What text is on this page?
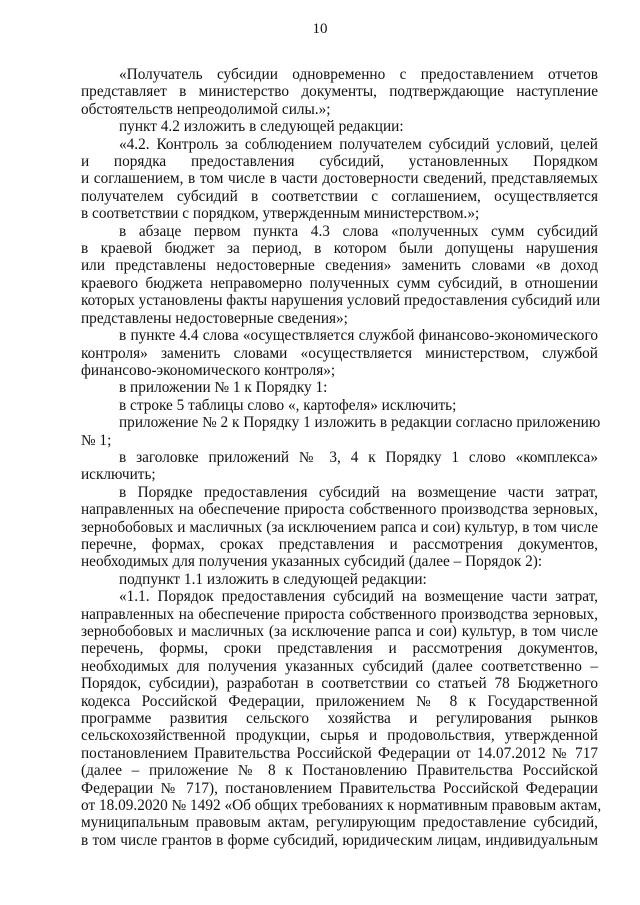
10
«Получатель субсидии одновременно с предоставлением отчетов
представляет в министерство документы, подтверждающие наступление
обстоятельств непреодолимой силы.»;
пункт 4.2 изложить в следующей редакции:
«4.2. Контроль за соблюдением получателем субсидий условий, целей
и порядка предоставления субсидий, установленных Порядком
и соглашением, в том числе в части достоверности сведений, представляемых
получателем субсидий в соответствии с соглашением, осуществляется
в соответствии с порядком, утвержденным министерством.»;
в абзаце первом пункта 4.3 слова «полученных сумм субсидий
в краевой бюджет за период, в котором были допущены нарушения
или представлены недостоверные сведения» заменить словами «в доход
краевого бюджета неправомерно полученных сумм субсидий, в отношении
которых установлены факты нарушения условий предоставления субсидий или
представлены недостоверные сведения»;
в пункте 4.4 слова «осуществляется службой финансово-экономического
контроля» заменить словами «осуществляется министерством, службой
финансово-экономического контроля»;
в приложении № 1 к Порядку 1:
в строке 5 таблицы слово «, картофеля» исключить;
приложение № 2 к Порядку 1 изложить в редакции согласно приложению
№ 1;
в заголовке приложений № 3, 4 к Порядку 1 слово «комплекса»
исключить;
в Порядке предоставления субсидий на возмещение части затрат,
направленных на обеспечение прироста собственного производства зерновых,
зернобобовых и масличных (за исключением рапса и сои) культур, в том числе
перечне, формах, сроках представления и рассмотрения документов,
необходимых для получения указанных субсидий (далее – Порядок 2):
подпункт 1.1 изложить в следующей редакции:
«1.1. Порядок предоставления субсидий на возмещение части затрат,
направленных на обеспечение прироста собственного производства зерновых,
зернобобовых и масличных (за исключение рапса и сои) культур, в том числе
перечень, формы, сроки представления и рассмотрения документов,
необходимых для получения указанных субсидий (далее соответственно –
Порядок, субсидии), разработан в соответствии со статьей 78 Бюджетного
кодекса Российской Федерации, приложением № 8 к Государственной
программе развития сельского хозяйства и регулирования рынков
сельскохозяйственной продукции, сырья и продовольствия, утвержденной
постановлением Правительства Российской Федерации от 14.07.2012 № 717
(далее – приложение № 8 к Постановлению Правительства Российской
Федерации № 717), постановлением Правительства Российской Федерации
от 18.09.2020 № 1492 «Об общих требованиях к нормативным правовым актам,
муниципальным правовым актам, регулирующим предоставление субсидий,
в том числе грантов в форме субсидий, юридическим лицам, индивидуальным
